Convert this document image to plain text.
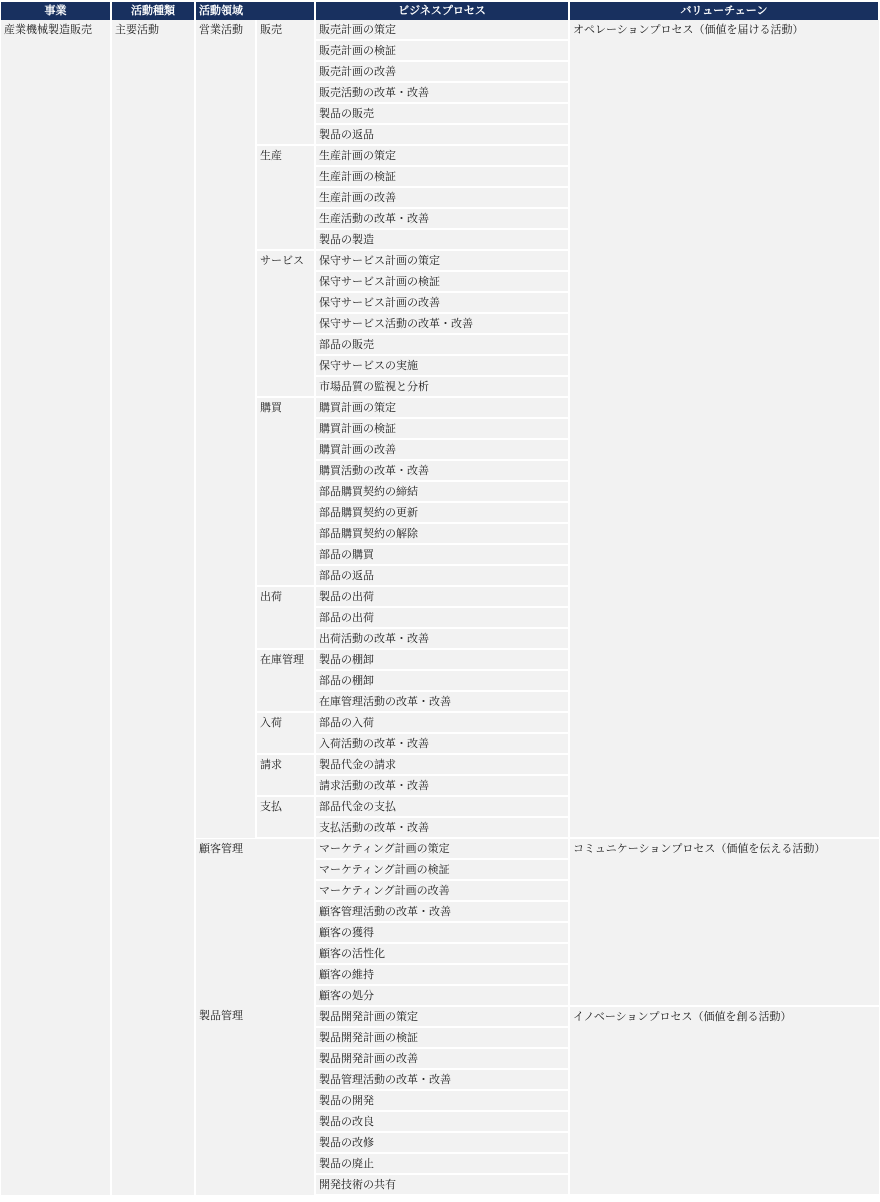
事業	活動種類	活動領域		ビジネスプロセス	バリューチェーン
産業機械製造販売	主要活動	営業活動	販売	販売計画の策定	オペレーションプロセス（価値を届ける活動）
				販売計画の検証	
				販売計画の改善	
				販売活動の改革・改善	
				製品の販売	
				製品の返品	
			生産	生産計画の策定	
				生産計画の検証	
				生産計画の改善	
				生産活動の改革・改善	
				製品の製造	
			サービス	保守サービス計画の策定	
				保守サービス計画の検証	
				保守サービス計画の改善	
				保守サービス活動の改革・改善	
				部品の販売	
				保守サービスの実施	
				市場品質の監視と分析	
			購買	購買計画の策定	
				購買計画の検証	
				購買計画の改善	
				購買活動の改革・改善	
				部品購買契約の締結	
				部品購買契約の更新	
				部品購買契約の解除	
				部品の購買	
				部品の返品	
			出荷	製品の出荷	
				部品の出荷	
				出荷活動の改革・改善	
			在庫管理	製品の棚卸	
				部品の棚卸	
				在庫管理活動の改革・改善	
			入荷	部品の入荷	
				入荷活動の改革・改善	
			請求	製品代金の請求	
				請求活動の改革・改善	
			支払	部品代金の支払	
				支払活動の改革・改善	
		顧客管理		マーケティング計画の策定	コミュニケーションプロセス（価値を伝える活動）
				マーケティング計画の検証	
				マーケティング計画の改善	
				顧客管理活動の改革・改善	
				顧客の獲得	
				顧客の活性化	
				顧客の維持	
				顧客の処分	
		製品管理		製品開発計画の策定	イノベーションプロセス（価値を創る活動）
				製品開発計画の検証	
				製品開発計画の改善	
				製品管理活動の改革・改善	
				製品の開発	
				製品の改良	
				製品の改修	
				製品の廃止	
				開発技術の共有	
